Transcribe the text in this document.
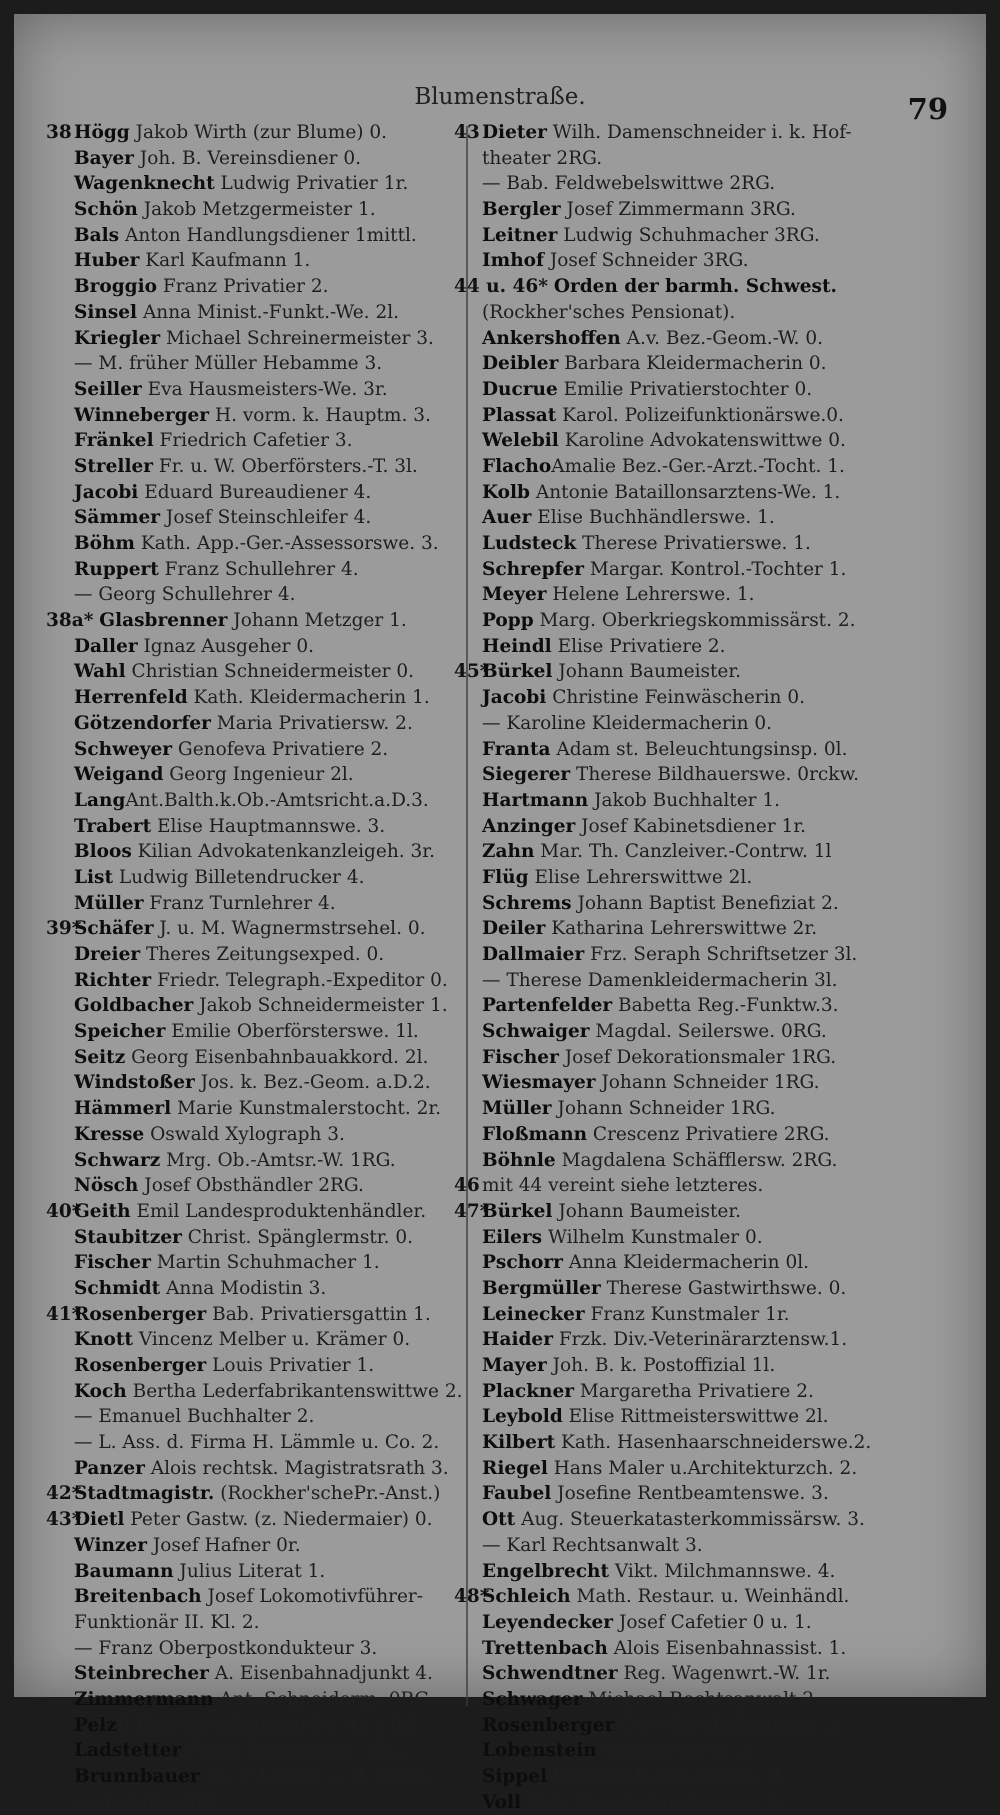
Blumenstraße.	79
38 Högg Jakob Wirth (zur Blume) 0.
Bayer Joh. B. Vereinsdiener 0.
Wagenknecht Ludwig Privatier 1r.
Schön Jakob Metzgermeister 1.
Bals Anton Handlungsdiener 1mittl.
Huber Karl Kaufmann 1.
Broggio Franz Privatier 2.
Sinsel Anna Minist.-Funkt.-We. 2l.
Kriegler Michael Schreinermeister 3.
— M. früher Müller Hebamme 3.
Seiller Eva Hausmeisters-We. 3r.
Winneberger H. vorm. k. Hauptm. 3.
Fränkel Friedrich Cafetier 3.
Streller Fr. u. W. Oberförsters.-T. 3l.
Jacobi Eduard Bureaudiener 4.
Sämmer Josef Steinschleifer 4.
Böhm Kath. App.-Ger.-Assessorswe. 3.
Ruppert Franz Schullehrer 4.
— Georg Schullehrer 4.
38a* Glasbrenner Johann Metzger 1.
Daller Ignaz Ausgeher 0.
Wahl Christian Schneidermeister 0.
Herrenfeld Kath. Kleidermacherin 1.
Götzendorfer Maria Privatiersw. 2.
Schweyer Genofeva Privatiere 2.
Weigand Georg Ingenieur 2l.
LangAnt.Balth.k.Ob.-Amtsricht.a.D.3.
Trabert Elise Hauptmannswe. 3.
Bloos Kilian Advokatenkanzleigeh. 3r.
List Ludwig Billetendrucker 4.
Müller Franz Turnlehrer 4.
39*Schäfer J. u. M. Wagnermstrsehel. 0.
Dreier Theres Zeitungsexped. 0.
Richter Friedr. Telegraph.-Expeditor 0.
Goldbacher Jakob Schneidermeister 1.
Speicher Emilie Oberförsterswe. 1l.
Seitz Georg Eisenbahnbauakkord. 2l.
Windstoßer Jos. k. Bez.-Geom. a.D.2.
Hämmerl Marie Kunstmalerstocht. 2r.
Kresse Oswald Xylograph 3.
Schwarz Mrg. Ob.-Amtsr.-W. 1RG.
Nösch Josef Obsthändler 2RG.
40*Geith Emil Landesproduktenhändler.
Staubitzer Christ. Spänglermstr. 0.
Fischer Martin Schuhmacher 1.
Schmidt Anna Modistin 3.
41*Rosenberger Bab. Privatiersgattin 1.
Knott Vincenz Melber u. Krämer 0.
Rosenberger Louis Privatier 1.
Koch Bertha Lederfabrikantenswittwe 2.
— Emanuel Buchhalter 2.
— L. Ass. d. Firma H. Lämmle u. Co. 2.
Panzer Alois rechtsk. Magistratsrath 3.
42*Stadtmagistr. (Rockher'schePr.-Anst.)
43*Dietl Peter Gastw. (z. Niedermaier) 0.
Winzer Josef Hafner 0r.
Baumann Julius Literat 1.
Breitenbach Josef Lokomotivführer-
Funktionär II. Kl. 2.
— Franz Oberpostkondukteur 3.
Steinbrecher A. Eisenbahnadjunkt 4.
Zimmermann Ant. Schneiderm. 0RG.
PelzB.Herren-u.Knbngarder.-G. 1RG.
Ladstetter Franz Buchbinder 1RG.
Brunnbauer Dr. P. Lehrer a. d. Kreis-
realschule 2RG.
43 Dieter Wilh. Damenschneider i. k. Hof-
theater 2RG.
— Bab. Feldwebelswittwe 2RG.
Bergler Josef Zimmermann 3RG.
Leitner Ludwig Schuhmacher 3RG.
Imhof Josef Schneider 3RG.
44 u. 46* Orden der barmh. Schwest.
(Rockher'sches Pensionat).
Ankershoffen A.v. Bez.-Geom.-W. 0.
Deibler Barbara Kleidermacherin 0.
Ducrue Emilie Privatierstochter 0.
Plassat Karol. Polizeifunktionärswe.0.
Welebil Karoline Advokatenswittwe 0.
FlachoAmalie Bez.-Ger.-Arzt.-Tocht. 1.
Kolb Antonie Bataillonsarztens-We. 1.
Auer Elise Buchhändlerswe. 1.
Ludsteck Therese Privatierswe. 1.
Schrepfer Margar. Kontrol.-Tochter 1.
Meyer Helene Lehrerswe. 1.
Popp Marg. Oberkriegskommissärst. 2.
Heindl Elise Privatiere 2.
45*Bürkel Johann Baumeister.
Jacobi Christine Feinwäscherin 0.
— Karoline Kleidermacherin 0.
Franta Adam st. Beleuchtungsinsp. 0l.
Siegerer Therese Bildhauerswe. 0rckw.
Hartmann Jakob Buchhalter 1.
Anzinger Josef Kabinetsdiener 1r.
Zahn Mar. Th. Canzleiver.-Contrw. 1l
Flüg Elise Lehrerswittwe 2l.
Schrems Johann Baptist Benefiziat 2.
Deiler Katharina Lehrerswittwe 2r.
Dallmaier Frz. Seraph Schriftsetzer 3l.
— Therese Damenkleidermacherin 3l.
Partenfelder Babetta Reg.-Funktw.3.
Schwaiger Magdal. Seilerswe. 0RG.
Fischer Josef Dekorationsmaler 1RG.
Wiesmayer Johann Schneider 1RG.
Müller Johann Schneider 1RG.
Floßmann Crescenz Privatiere 2RG.
Böhnle Magdalena Schäfflersw. 2RG.
46 mit 44 vereint siehe letzteres.
47*Bürkel Johann Baumeister.
Eilers Wilhelm Kunstmaler 0.
Pschorr Anna Kleidermacherin 0l.
Bergmüller Therese Gastwirthswe. 0.
Leinecker Franz Kunstmaler 1r.
Haider Frzk. Div.-Veterinärarztensw.1.
Mayer Joh. B. k. Postoffizial 1l.
Plackner Margaretha Privatiere 2.
Leybold Elise Rittmeisterswittwe 2l.
Kilbert Kath. Hasenhaarschneiderswe.2.
Riegel Hans Maler u.Architekturzch. 2.
Faubel Josefine Rentbeamtenswe. 3.
Ott Aug. Steuerkatasterkommissärsw. 3.
— Karl Rechtsanwalt 3.
Engelbrecht Vikt. Milchmannswe. 4.
48*Schleich Math. Restaur. u. Weinhändl.
Leyendecker Josef Cafetier 0 u. 1.
Trettenbach Alois Eisenbahnassist. 1.
Schwendtner Reg. Wagenwrt.-W. 1r.
Schwager Michael Rechtsanwalt 2.
Rosenberger Otto Geschäftsführer 3r.
Lobenstein August Agent 3.
Sippel Wilhelm Bankkommis 3l.
Voll Bab. Kunstschreinerswe. 4r.
